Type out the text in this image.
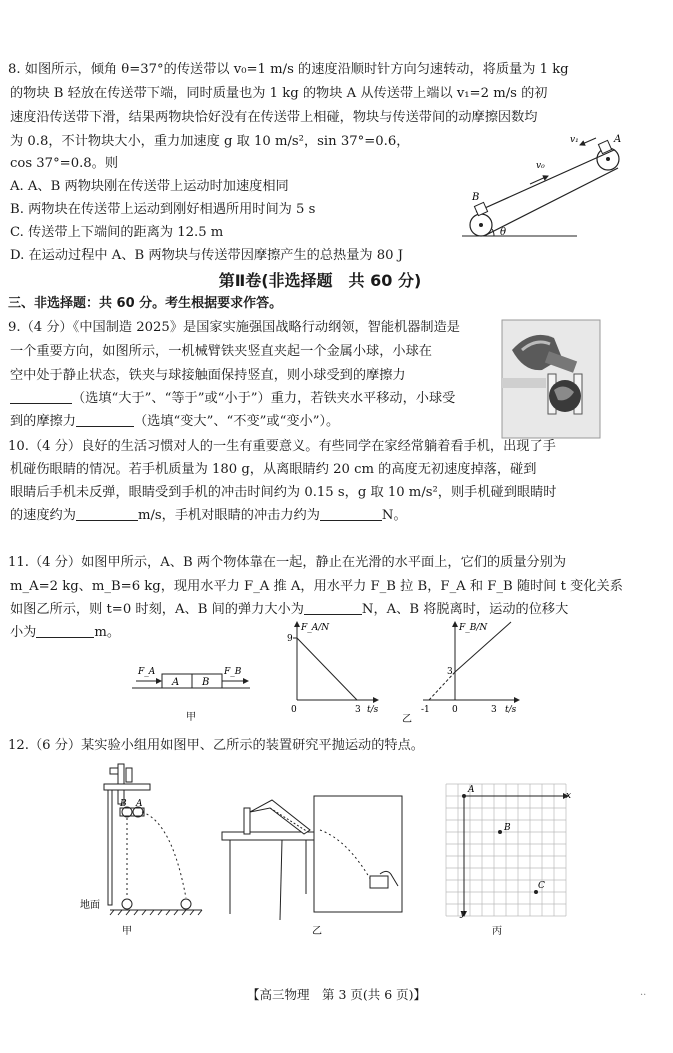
8. 如图所示，倾角 θ=37°的传送带以 v₀=1 m/s 的速度沿顺时针方向匀速转动，将质量为 1 kg
的物块 B 轻放在传送带下端，同时质量也为 1 kg 的物块 A 从传送带上端以 v₁=2 m/s 的初
速度沿传送带下滑，结果两物块恰好没有在传送带上相碰，物块与传送带间的动摩擦因数均
为 0.8，不计物块大小，重力加速度 g 取 10 m/s²，sin 37°=0.6，
cos 37°=0.8。则
A. A、B 两物块刚在传送带上运动时加速度相同
B. 两物块在传送带上运动到刚好相遇所用时间为 5 s
C. 传送带上下端间的距离为 12.5 m
D. 在运动过程中 A、B 两物块与传送带因摩擦产生的总热量为 80 J
θ
B
A
v₁
v₀
第Ⅱ卷(非选择题　共 60 分)
三、非选择题：共 60 分。考生根据要求作答。
9.（4 分）《中国制造 2025》是国家实施强国战略行动纲领，智能机器制造是
一个重要方向，如图所示，一机械臂铁夹竖直夹起一个金属小球，小球在
空中处于静止状态，铁夹与球接触面保持竖直，则小球受到的摩擦力
（选填“大于”、“等于”或“小于”）重力，若铁夹水平移动，小球受
到的摩擦力	（选填“变大”、“不变”或“变小”）。
10.（4 分）良好的生活习惯对人的一生有重要意义。有些同学在家经常躺着看手机，出现了手
机碰伤眼睛的情况。若手机质量为 180 g，从离眼睛约 20 cm 的高度无初速度掉落，碰到
眼睛后手机未反弹，眼睛受到手机的冲击时间约为 0.15 s，g 取 10 m/s²，则手机碰到眼睛时
的速度约为	m/s，手机对眼睛的冲击力约为	N。
11.（4 分）如图甲所示，A、B 两个物体靠在一起，静止在光滑的水平面上，它们的质量分别为
m_A=2 kg、m_B=6 kg，现用水平力 F_A 推 A，用水平力 F_B 拉 B，F_A 和 F_B 随时间 t 变化关系
如图乙所示，则 t=0 时刻，A、B 间的弹力大小为	N，A、B 将脱离时，运动的位移大
小为	m。
A B
F_A	F_B
甲
F_A/N
9
0	3 t/s
F_B/N
3
-1 0	3 t/s
乙
12.（6 分）某实验小组用如图甲、乙所示的装置研究平抛运动的特点。
B A
地面
甲	乙
A
B
C
x
y
丙
【高三物理　第 3 页(共 6 页)】	··
